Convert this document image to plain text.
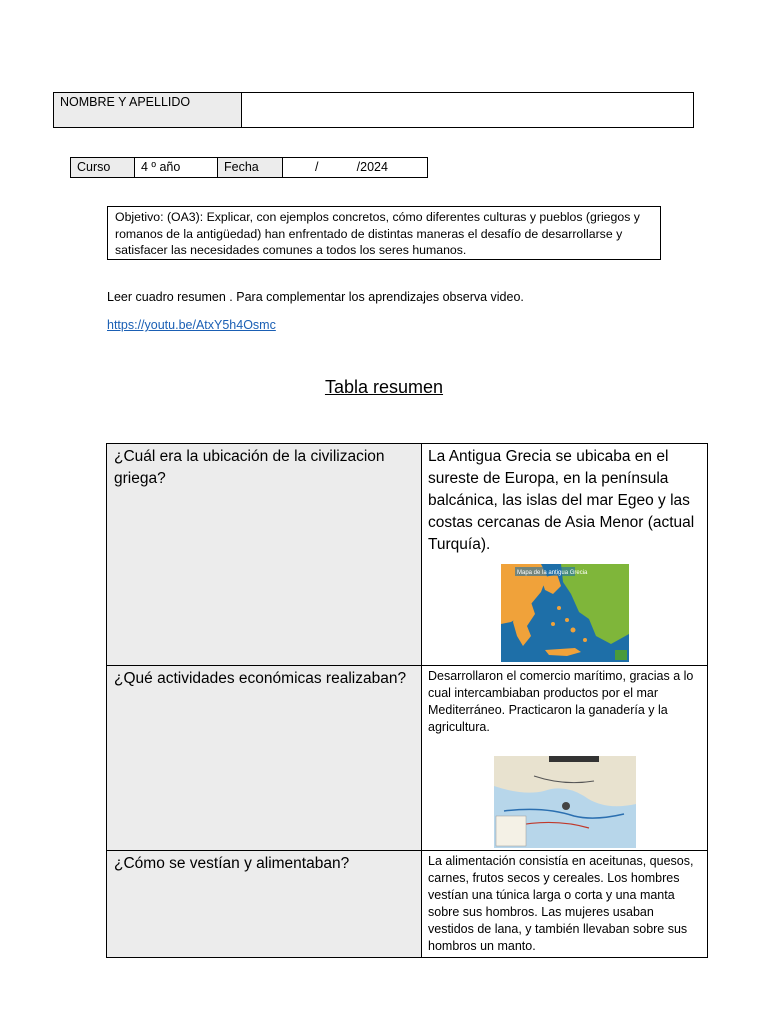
NOMBRE Y APELLIDO	
Curso	4 º año	Fecha	/           /2024
Objetivo: (OA3): Explicar, con ejemplos concretos, cómo diferentes culturas y pueblos (griegos y romanos de la antigüedad) han enfrentado de distintas maneras el desafío de desarrollarse y satisfacer las necesidades comunes a todos los seres humanos.
Leer cuadro resumen . Para complementar los aprendizajes observa video.
https://youtu.be/AtxY5h4Osmc
Tabla resumen
¿Cuál era la ubicación de la civilizacion griega?	La Antigua Grecia se ubicaba en el sureste de Europa, en la península balcánica, las islas del mar Egeo y las costas cercanas de Asia Menor (actual Turquía).
Mapa de la antigua Grecia

¿Qué actividades económicas realizaban?	Desarrollaron el comercio marítimo, gracias a lo cual intercambiaban productos por el mar Mediterráneo. Practicaron la ganadería y la agricultura.

¿Cómo se vestían y alimentaban?	La alimentación consistía en aceitunas, quesos, carnes, frutos secos y cereales. Los hombres vestían una túnica larga o corta y una manta sobre sus hombros. Las mujeres usaban vestidos de lana, y también llevaban sobre sus hombros un manto.
